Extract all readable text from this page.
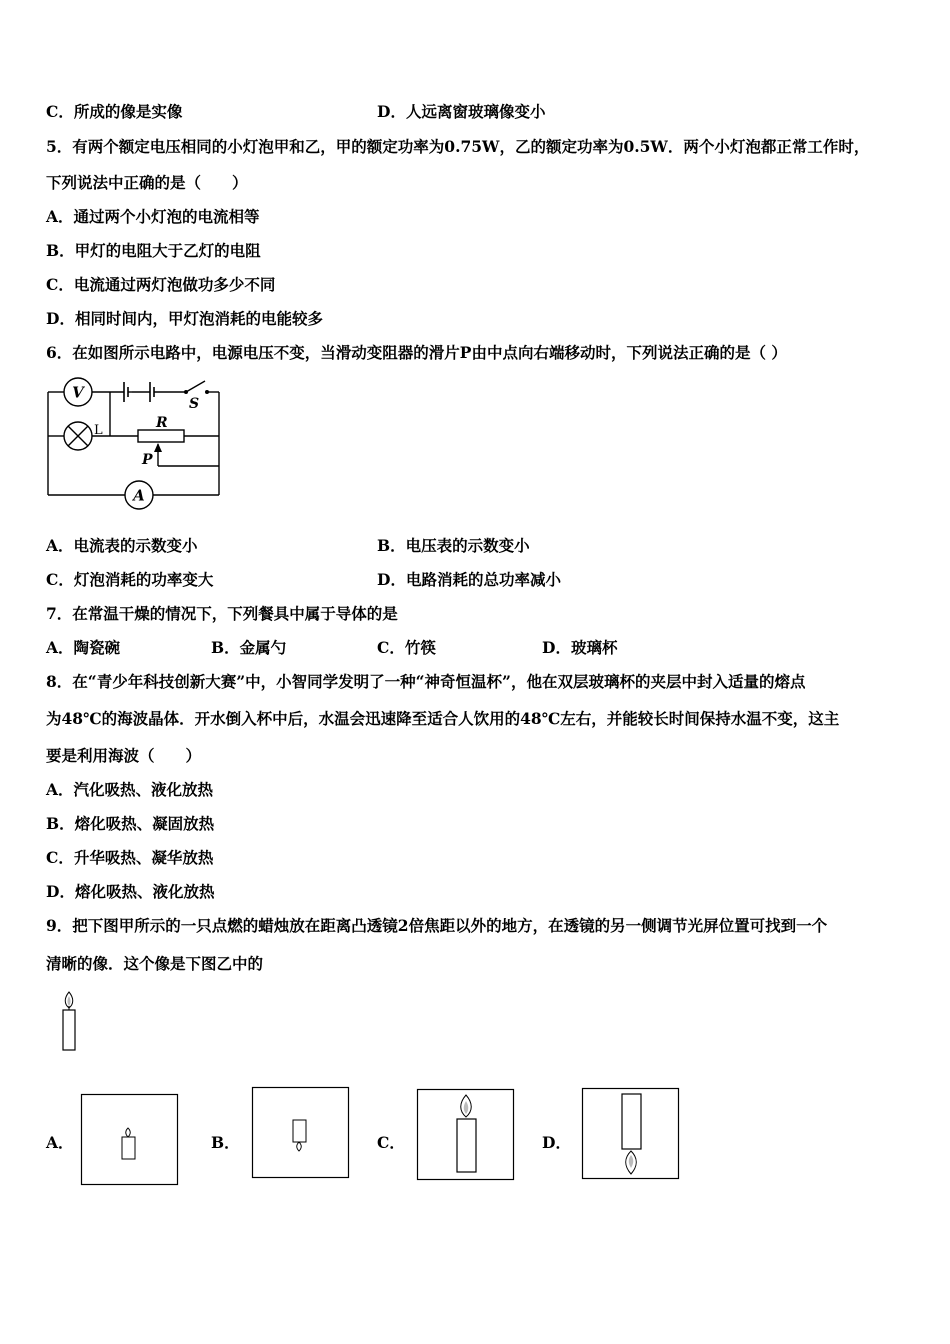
C．所成的像是实像	D．人远离窗玻璃像变小
5．有两个额定电压相同的小灯泡甲和乙，甲的额定功率为0.75W，乙的额定功率为0.5W．两个小灯泡都正常工作时，
下列说法中正确的是（　　）
A．通过两个小灯泡的电流相等
B．甲灯的电阻大于乙灯的电阻
C．电流通过两灯泡做功多少不同
D．相同时间内，甲灯泡消耗的电能较多
6．在如图所示电路中，电源电压不变，当滑动变阻器的滑片P由中点向右端移动时，下列说法正确的是（ ）
V
S
L	R
P
A
A．电流表的示数变小	B．电压表的示数变小
C．灯泡消耗的功率变大	D．电路消耗的总功率减小
7．在常温干燥的情况下，下列餐具中属于导体的是
A．陶瓷碗	B．金属勺	C．竹筷	D．玻璃杯
8．在“青少年科技创新大赛”中，小智同学发明了一种“神奇恒温杯”，他在双层玻璃杯的夹层中封入适量的熔点
为48℃的海波晶体．开水倒入杯中后，水温会迅速降至适合人饮用的48℃左右，并能较长时间保持水温不变，这主
要是利用海波（　　）
A．汽化吸热、液化放热
B．熔化吸热、凝固放热
C．升华吸热、凝华放热
D．熔化吸热、液化放热
9．把下图甲所示的一只点燃的蜡烛放在距离凸透镜2倍焦距以外的地方，在透镜的另一侧调节光屏位置可找到一个
清晰的像．这个像是下图乙中的
A．	B．	C．	D．
